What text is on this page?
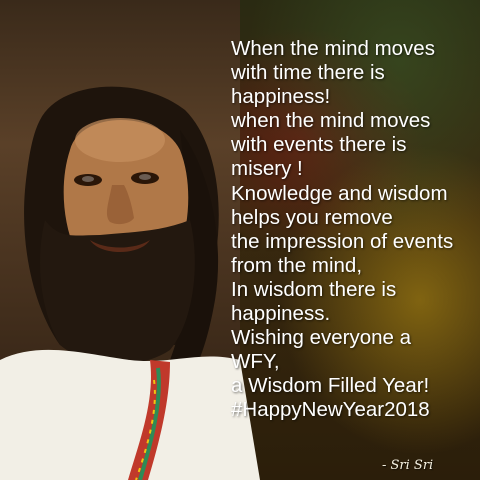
When the mind moves
with time there is
happiness!
when the mind moves
with events there is
misery !
Knowledge and wisdom
helps you remove
the impression of events
from the mind,
In wisdom there is
happiness.
Wishing everyone a
WFY,
a Wisdom Filled Year!
#HappyNewYear2018
- Sri Sri
